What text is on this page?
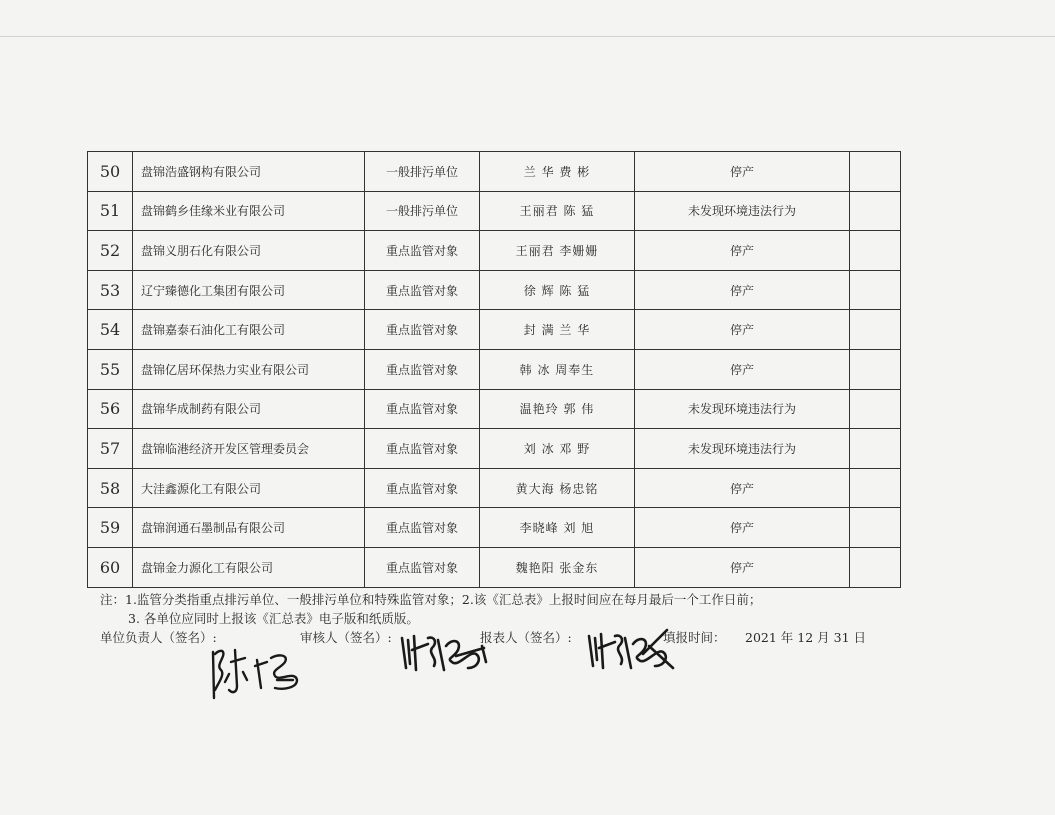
50	盘锦浩盛钢构有限公司	一般排污单位	兰 华 费 彬	停产	
51	盘锦鹤乡佳缘米业有限公司	一般排污单位	王丽君 陈 猛	未发现环境违法行为	
52	盘锦义朋石化有限公司	重点监管对象	王丽君 李姗姗	停产	
53	辽宁臻德化工集团有限公司	重点监管对象	徐 辉 陈 猛	停产	
54	盘锦嘉泰石油化工有限公司	重点监管对象	封 满 兰 华	停产	
55	盘锦亿居环保热力实业有限公司	重点监管对象	韩 冰 周奉生	停产	
56	盘锦华成制药有限公司	重点监管对象	温艳玲 郭 伟	未发现环境违法行为	
57	盘锦临港经济开发区管理委员会	重点监管对象	刘 冰 邓 野	未发现环境违法行为	
58	大洼鑫源化工有限公司	重点监管对象	黄大海 杨忠铭	停产	
59	盘锦润通石墨制品有限公司	重点监管对象	李晓峰 刘 旭	停产	
60	盘锦金力源化工有限公司	重点监管对象	魏艳阳 张金东	停产	
注：1.监管分类指重点排污单位、一般排污单位和特殊监管对象；2.该《汇总表》上报时间应在每月最后一个工作日前；
3. 各单位应同时上报该《汇总表》电子版和纸质版。
单位负责人（签名）:	审核人（签名）:	报表人（签名）:	填报时间： 2021 年 12 月 31 日
